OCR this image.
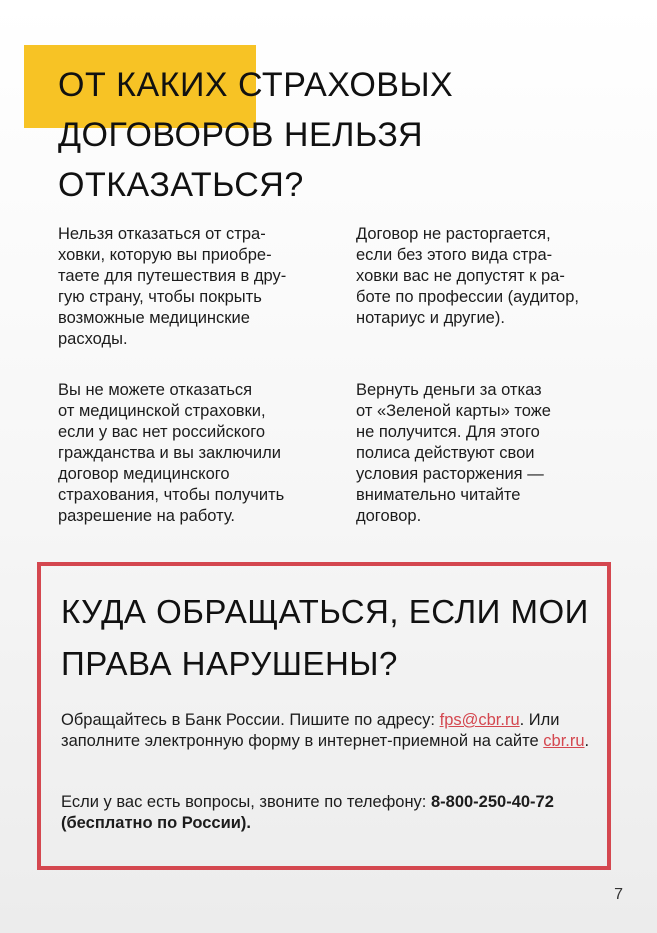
ОТ КАКИХ СТРАХОВЫХ
ДОГОВОРОВ НЕЛЬЗЯ
ОТКАЗАТЬСЯ?

Нельзя отказаться от стра-
ховки, которую вы приобре-
таете для путешествия в дру-
гую страну, чтобы покрыть
возможные медицинские
расходы.

Договор не расторгается,
если без этого вида стра-
ховки вас не допустят к ра-
боте по профессии (аудитор,
нотариус и другие).

Вы не можете отказаться
от медицинской страховки,
если у вас нет российского
гражданства и вы заключили
договор медицинского
страхования, чтобы получить
разрешение на работу.

Вернуть деньги за отказ
от «Зеленой карты» тоже
не получится. Для этого
полиса действуют свои
условия расторжения —
внимательно читайте
договор.

КУДА ОБРАЩАТЬСЯ, ЕСЛИ МОИ
ПРАВА НАРУШЕНЫ?

Обращайтесь в Банк России. Пишите по адресу: fps@cbr.ru. Или заполните электронную форму в интернет-приемной на сайте cbr.ru.

Если у вас есть вопросы, звоните по телефону: 8-800-250-40-72
(бесплатно по России).

7
